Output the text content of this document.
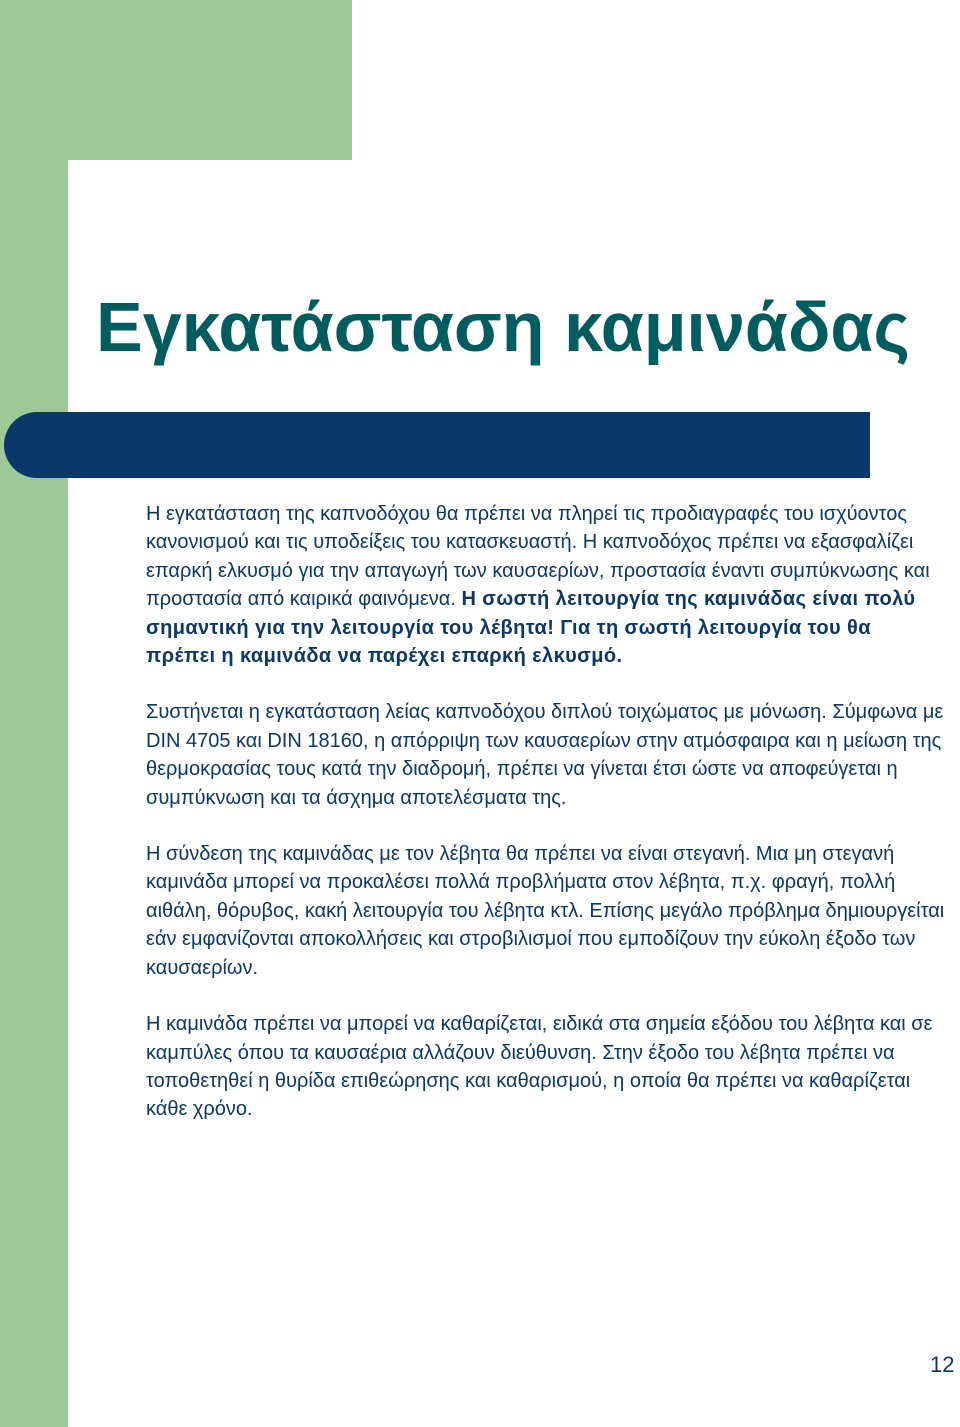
Εγκατάσταση καμινάδας

Η εγκατάσταση της καπνοδόχου θα πρέπει να πληρεί τις προδιαγραφές του ισχύοντος κανονισμού και τις υποδείξεις του κατασκευαστή. Η καπνοδόχος πρέπει να εξασφαλίζει επαρκή ελκυσμό για την απαγωγή των καυσαερίων, προστασία έναντι συμπύκνωσης και προστασία από καιρικά φαινόμενα. Η σωστή λειτουργία της καμινάδας είναι πολύ σημαντική για την λειτουργία του λέβητα! Για τη σωστή λειτουργία του θα πρέπει η καμινάδα να παρέχει επαρκή ελκυσμό.

Συστήνεται η εγκατάσταση λείας καπνοδόχου διπλού τοιχώματος με μόνωση. Σύμφωνα με DIN 4705 και DIN 18160, η απόρριψη των καυσαερίων στην ατμόσφαιρα και η μείωση της θερμοκρασίας τους κατά την διαδρομή, πρέπει να γίνεται έτσι ώστε να αποφεύγεται η συμπύκνωση και τα άσχημα αποτελέσματα της.

Η σύνδεση της καμινάδας με τον λέβητα θα πρέπει να είναι στεγανή. Μια μη στεγανή καμινάδα μπορεί να προκαλέσει πολλά προβλήματα στον λέβητα, π.χ. φραγή, πολλή αιθάλη, θόρυβος, κακή λειτουργία του λέβητα κτλ. Επίσης μεγάλο πρόβλημα δημιουργείται εάν εμφανίζονται αποκολλήσεις και στροβιλισμοί που εμποδίζουν την εύκολη έξοδο των καυσαερίων.

Η καμινάδα πρέπει να μπορεί να καθαρίζεται, ειδικά στα σημεία εξόδου του λέβητα και σε καμπύλες όπου τα καυσαέρια αλλάζουν διεύθυνση. Στην έξοδο του λέβητα πρέπει να τοποθετηθεί η θυρίδα επιθεώρησης και καθαρισμού, η οποία θα πρέπει να καθαρίζεται κάθε χρόνο.

12
